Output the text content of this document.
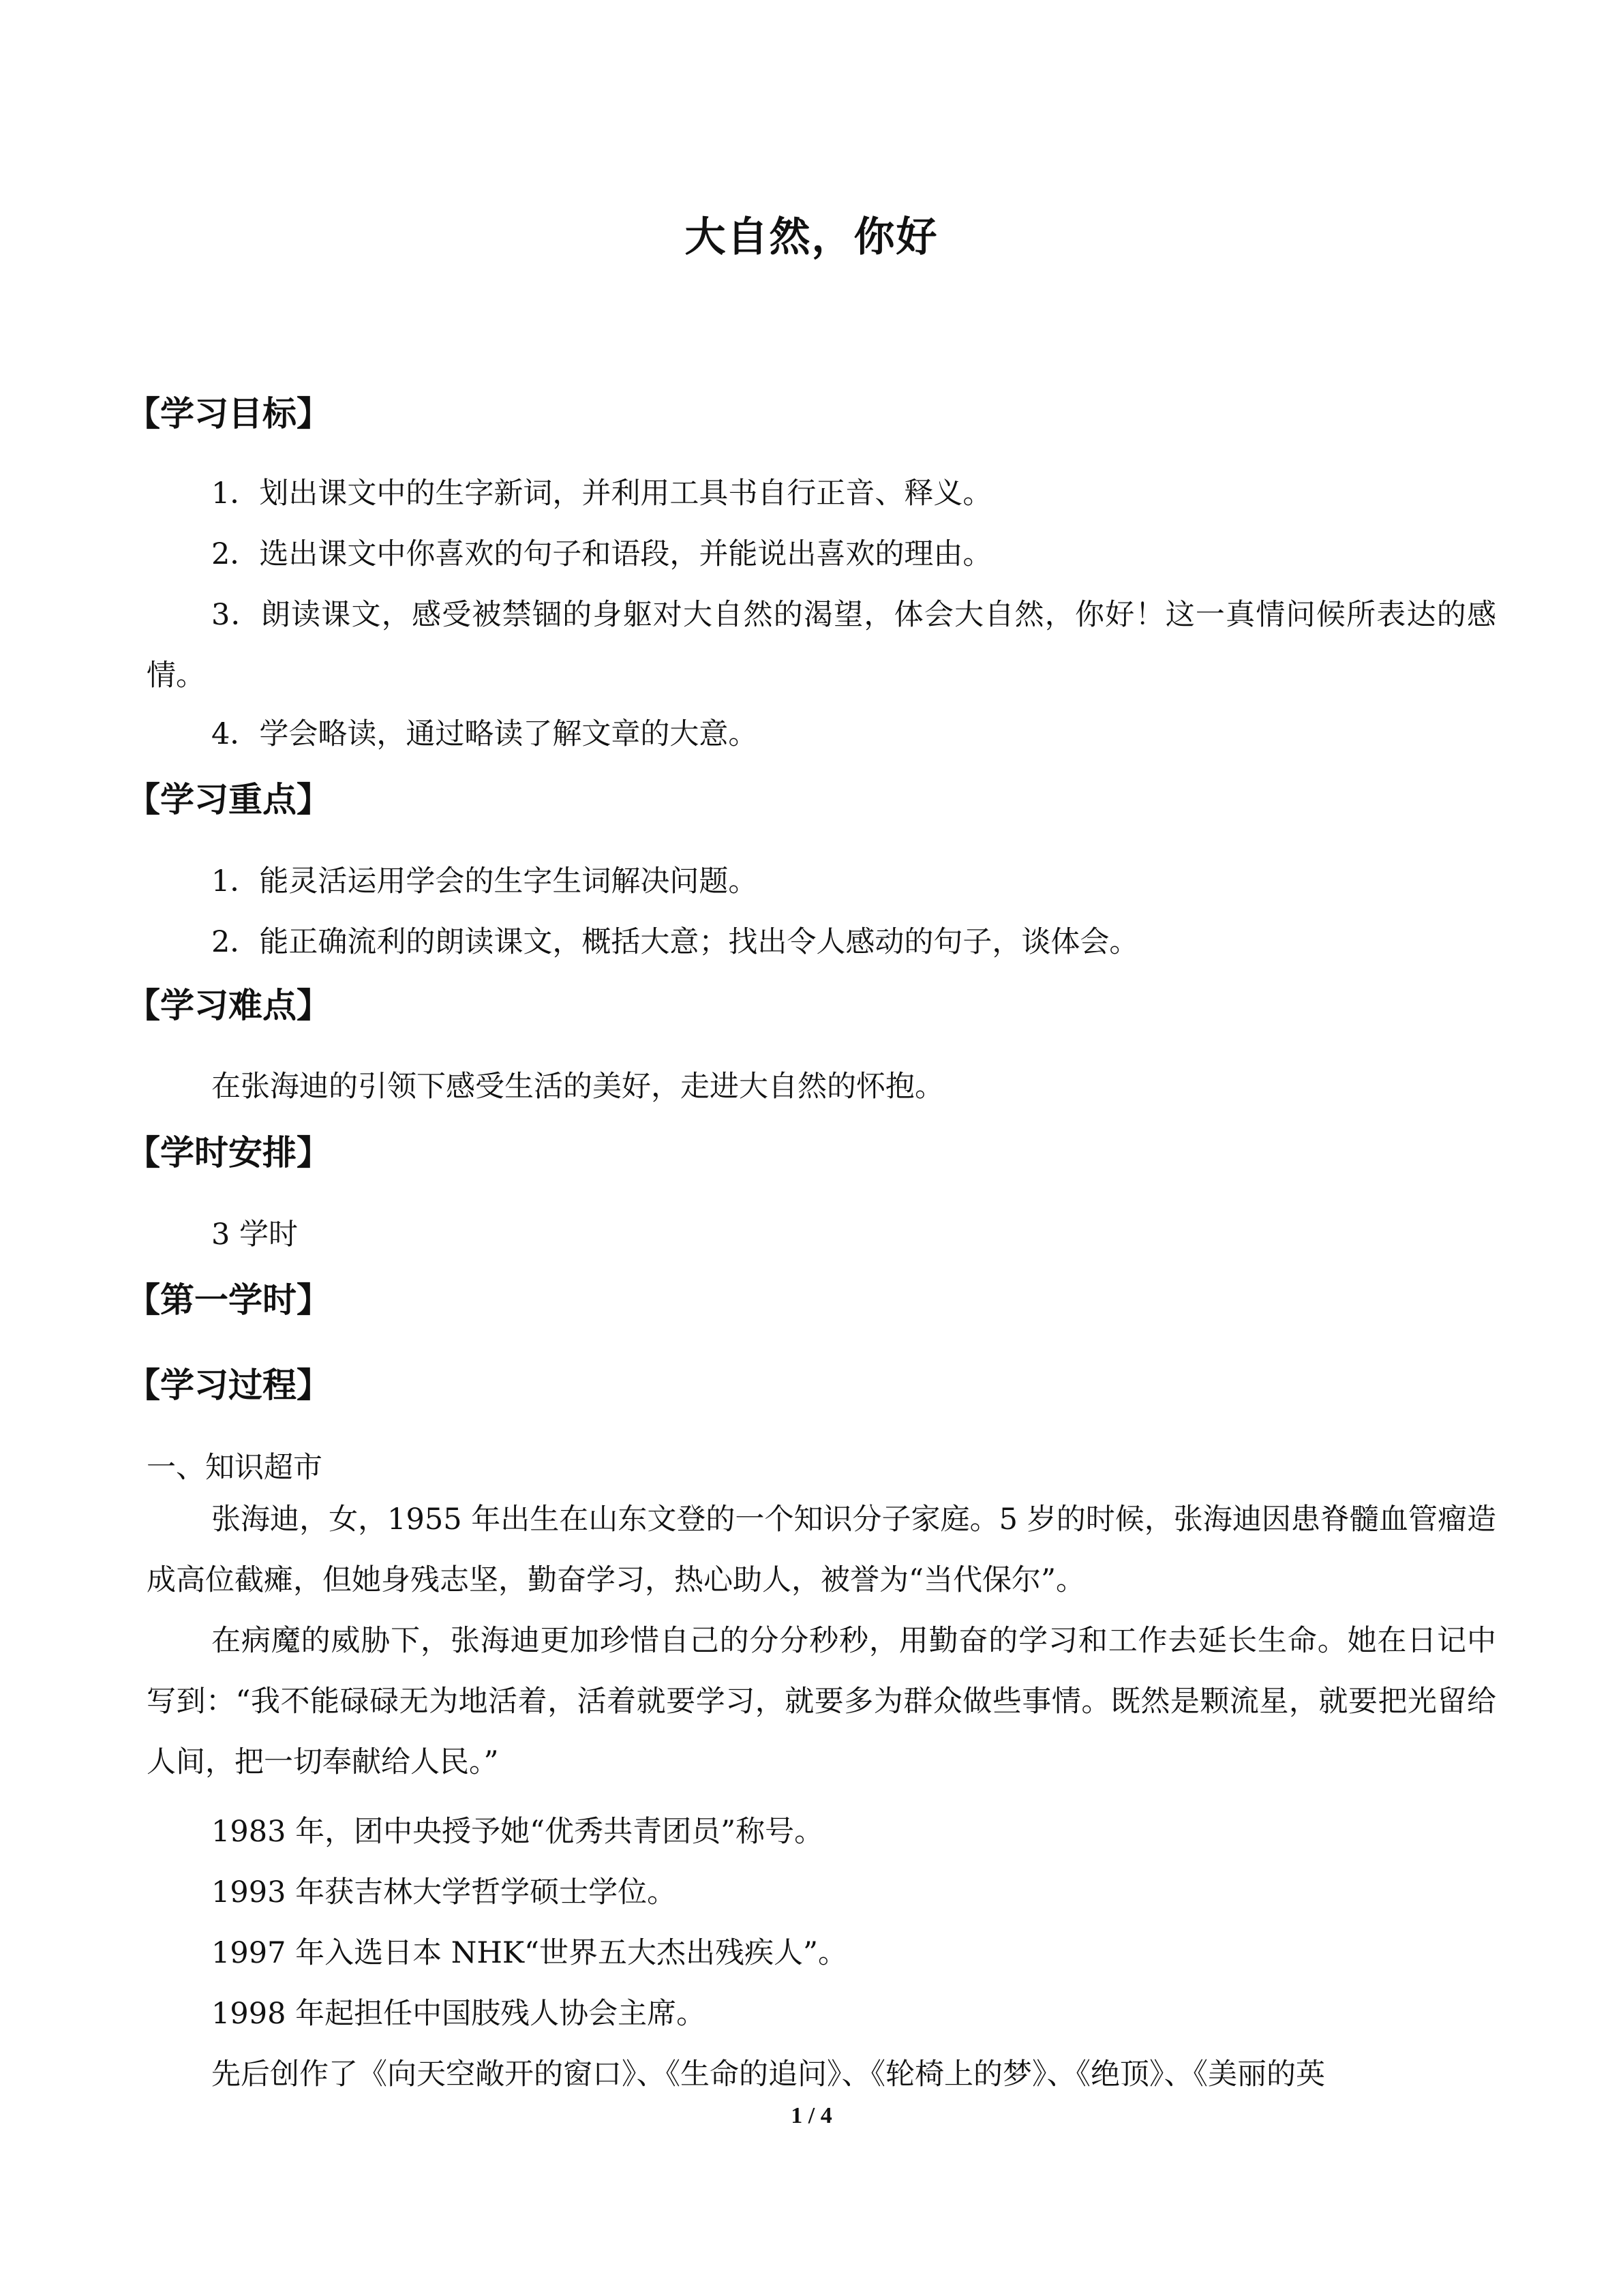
大自然，你好
【学习目标】
1．划出课文中的生字新词，并利用工具书自行正音、释义。
2．选出课文中你喜欢的句子和语段，并能说出喜欢的理由。
3．朗读课文，感受被禁锢的身躯对大自然的渴望，体会大自然，你好！这一真情问候所表达的感情。
4．学会略读，通过略读了解文章的大意。
【学习重点】
1．能灵活运用学会的生字生词解决问题。
2．能正确流利的朗读课文，概括大意；找出令人感动的句子，谈体会。
【学习难点】
在张海迪的引领下感受生活的美好，走进大自然的怀抱。
【学时安排】
3 学时
【第一学时】
【学习过程】
一、知识超市
张海迪，女，1955 年出生在山东文登的一个知识分子家庭。5 岁的时候，张海迪因患脊髓血管瘤造成高位截瘫，但她身残志坚，勤奋学习，热心助人，被誉为“当代保尔”。
在病魔的威胁下，张海迪更加珍惜自己的分分秒秒，用勤奋的学习和工作去延长生命。她在日记中写到：“我不能碌碌无为地活着，活着就要学习，就要多为群众做些事情。既然是颗流星，就要把光留给人间，把一切奉献给人民。”
1983 年，团中央授予她“优秀共青团员”称号。
1993 年获吉林大学哲学硕士学位。
1997 年入选日本 NHK“世界五大杰出残疾人”。
1998 年起担任中国肢残人协会主席。
先后创作了《向天空敞开的窗口》、《生命的追问》、《轮椅上的梦》、《绝顶》、《美丽的英
1 / 4
